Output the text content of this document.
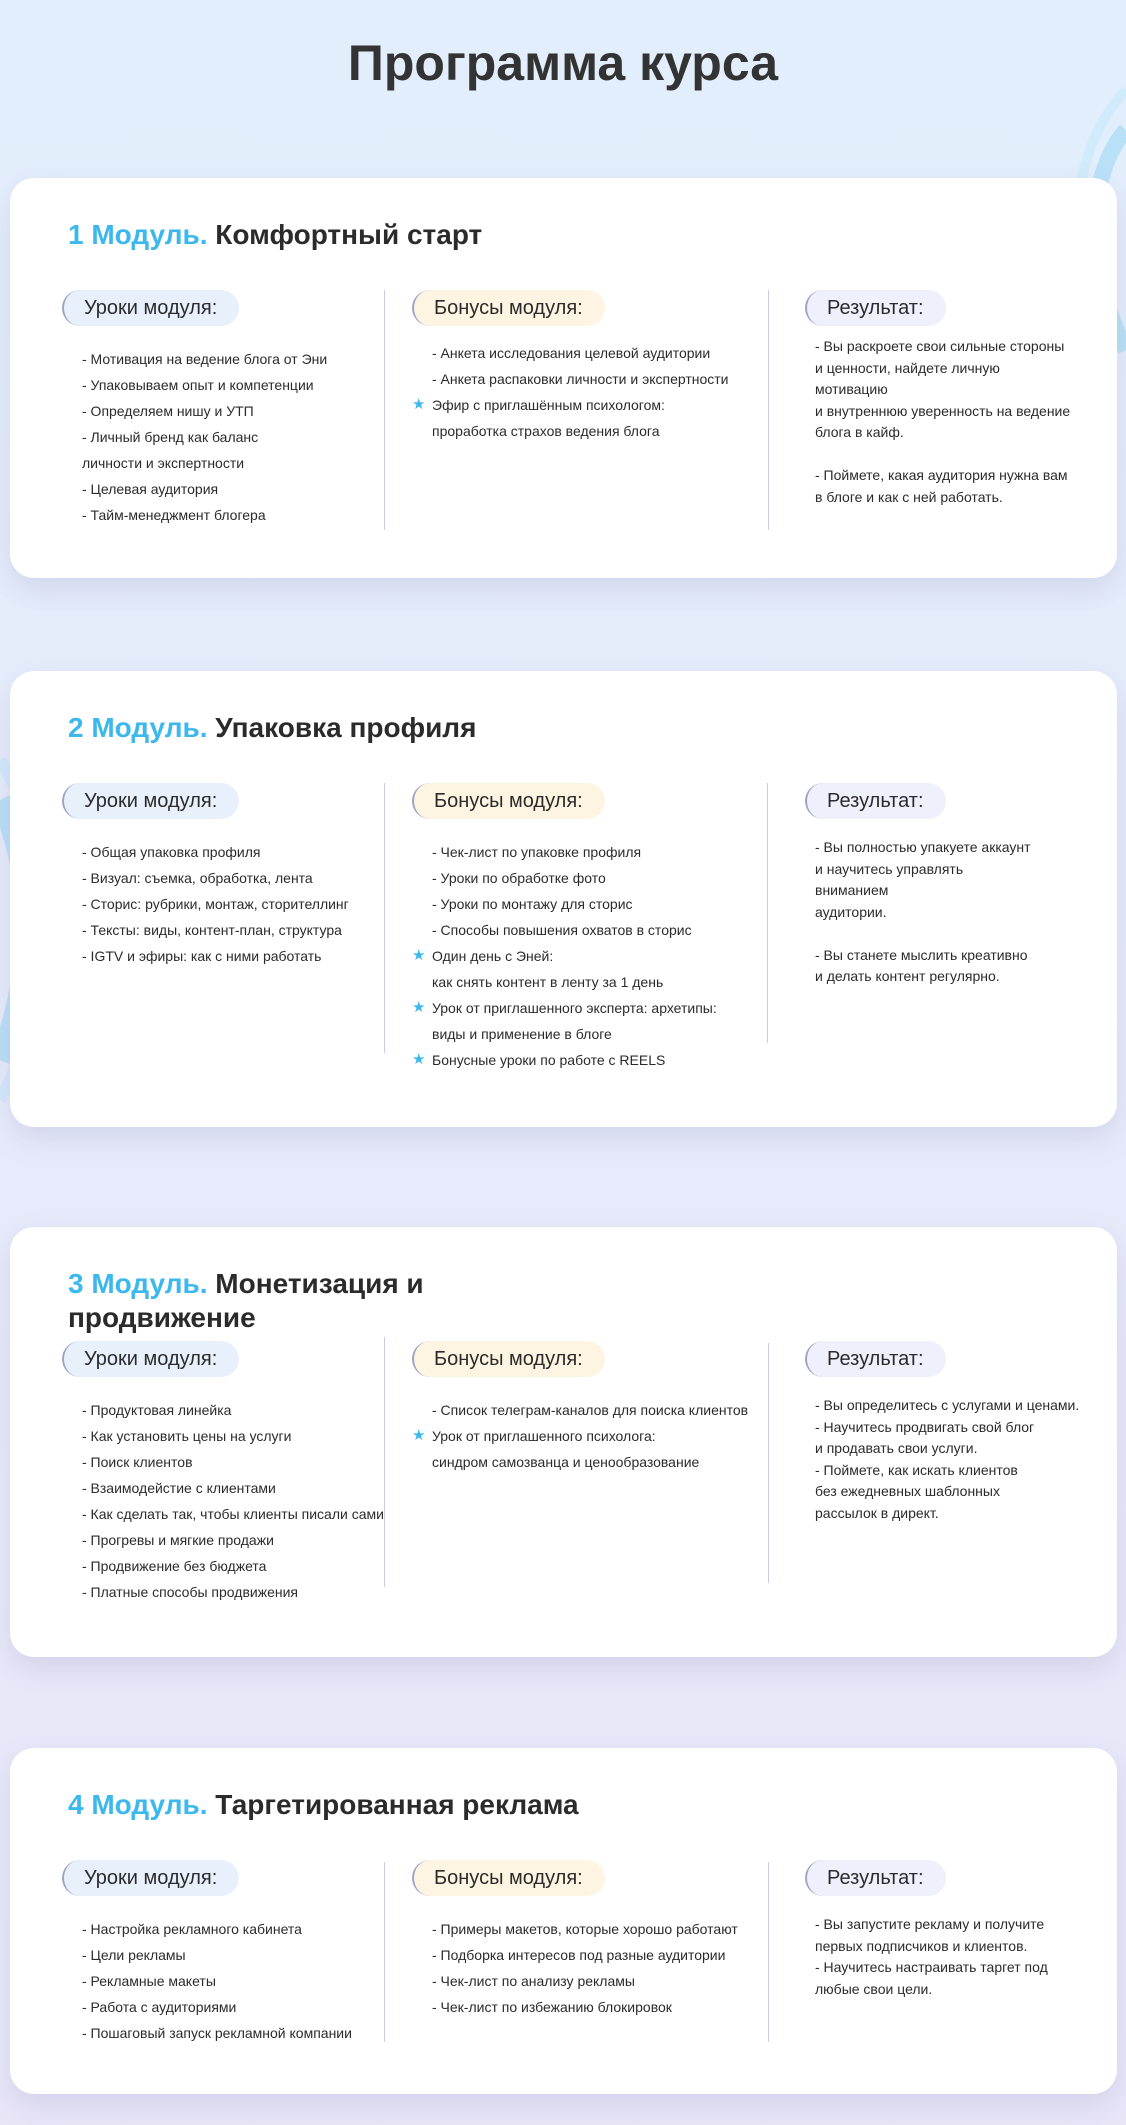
Программа курса
1 Модуль. Комфортный старт
Уроки модуля:
- Мотивация на ведение блога от Эни
- Упаковываем опыт и компетенции
- Определяем нишу и УТП
- Личный бренд как баланс
личности и экспертности
- Целевая аудитория
- Тайм-менеджмент блогера
Бонусы модуля:
- Анкета исследования целевой аудитории
- Анкета распаковки личности и экспертности
★ Эфир с приглашённым психологом:
проработка страхов ведения блога
Результат:
- Вы раскроете свои сильные стороны
и ценности, найдете личную
мотивацию
и внутреннюю уверенность на ведение
блога в кайф.

- Поймете, какая аудитория нужна вам
в блоге и как с ней работать.
2 Модуль. Упаковка профиля
Уроки модуля:
- Общая упаковка профиля
- Визуал: съемка, обработка, лента
- Сторис: рубрики, монтаж, сторителлинг
- Тексты: виды, контент-план, структура
- IGTV и эфиры: как с ними работать
Бонусы модуля:
- Чек-лист по упаковке профиля
- Уроки по обработке фото
- Уроки по монтажу для сторис
- Способы повышения охватов в сторис
★ Один день с Эней:
как снять контент в ленту за 1 день
★ Урок от приглашенного эксперта: архетипы:
виды и применение в блоге
★ Бонусные уроки по работе с REELS
Результат:
- Вы полностью упакуете аккаунт
и научитесь управлять
вниманием
аудитории.

- Вы станете мыслить креативно
и делать контент регулярно.
3 Модуль. Монетизация и продвижение
Уроки модуля:
- Продуктовая линейка
- Как установить цены на услуги
- Поиск клиентов
- Взаимодейстие с клиентами
- Как сделать так, чтобы клиенты писали сами
- Прогревы и мягкие продажи
- Продвижение без бюджета
- Платные способы продвижения
Бонусы модуля:
- Список телеграм-каналов для поиска клиентов
★ Урок от приглашенного психолога:
синдром самозванца и ценообразование
Результат:
- Вы определитесь с услугами и ценами.
- Научитесь продвигать свой блог
и продавать свои услуги.
- Поймете, как искать клиентов
без ежедневных шаблонных
рассылок в директ.
4 Модуль. Таргетированная реклама
Уроки модуля:
- Настройка рекламного кабинета
- Цели рекламы
- Рекламные макеты
- Работа с аудиториями
- Пошаговый запуск рекламной компании
Бонусы модуля:
- Примеры макетов, которые хорошо работают
- Подборка интересов под разные аудитории
- Чек-лист по анализу рекламы
- Чек-лист по избежанию блокировок
Результат:
- Вы запустите рекламу и получите
первых подписчиков и клиентов.
- Научитесь настраивать таргет под
любые свои цели.
